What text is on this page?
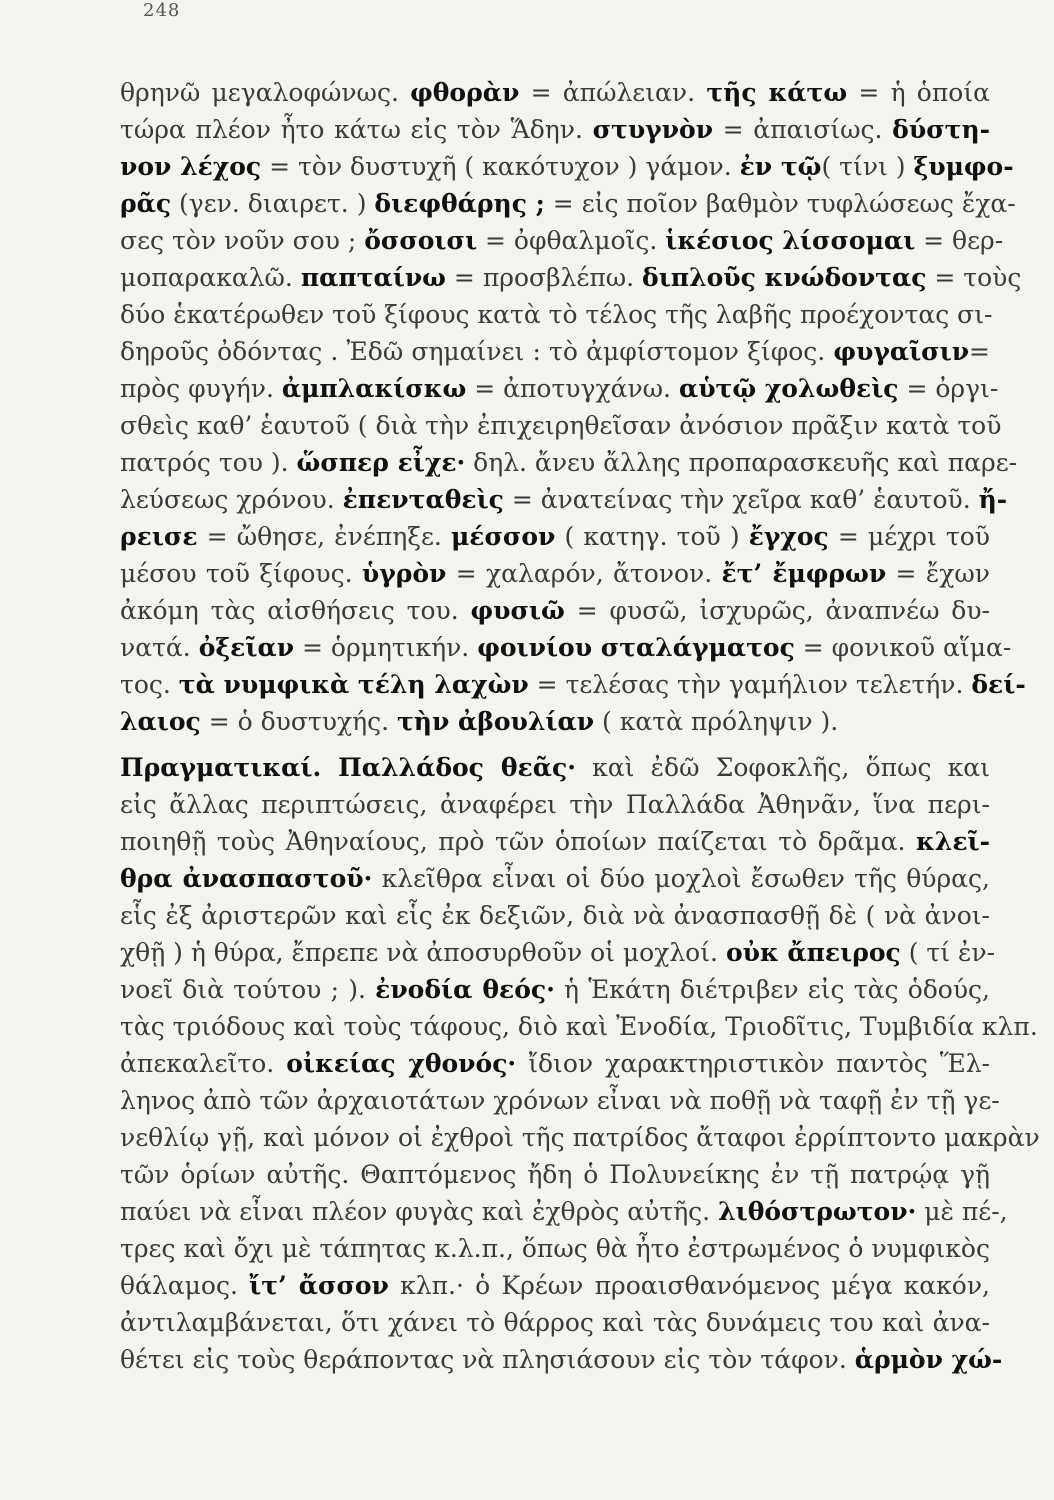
248
θρηνῶ μεγαλοφώνως. φθορὰν = ἀπώλειαν. τῆς κάτω = ἡ ὁποία
τώρα πλέον ἦτο κάτω εἰς τὸν Ἅδην. στυγνὸν = ἀπαισίως. δύστη-
νον λέχος = τὸν δυστυχῆ ( κακότυχον ) γάμον. ἐν τῷ( τίνι ) ξυμφο-
ρᾶς (γεν. διαιρετ. ) διεφθάρης ; = εἰς ποῖον βαθμὸν τυφλώσεως ἔχα-
σες τὸν νοῦν σου ; ὄσσοισι = ὀφθαλμοῖς. ἱκέσιος λίσσομαι = θερ-
μοπαρακαλῶ. παπταίνω = προσβλέπω. διπλοῦς κνώδοντας = τοὺς
δύο ἑκατέρωθεν τοῦ ξίφους κατὰ τὸ τέλος τῆς λαβῆς προέχοντας σι-
δηροῦς ὀδόντας . Ἐδῶ σημαίνει : τὸ ἀμφίστομον ξίφος. φυγαῖσιν=
πρὸς φυγήν. ἀμπλακίσκω = ἀποτυγχάνω. αὑτῷ χολωθεὶς = ὀργι-
σθεὶς καθ’ ἑαυτοῦ ( διὰ τὴν ἐπιχειρηθεῖσαν ἀνόσιον πρᾶξιν κατὰ τοῦ
πατρός του ). ὥσπερ εἶχε· δηλ. ἄνευ ἄλλης προπαρασκευῆς καὶ παρε-
λεύσεως χρόνου. ἐπενταθεὶς = ἀνατείνας τὴν χεῖρα καθ’ ἑαυτοῦ. ἤ-
ρεισε = ὤθησε, ἐνέπηξε. μέσσον ( κατηγ. τοῦ ) ἔγχος = μέχρι τοῦ
μέσου τοῦ ξίφους. ὑγρὸν = χαλαρόν, ἄτονον. ἔτ’ ἔμφρων = ἔχων
ἀκόμη τὰς αἰσθήσεις του. φυσιῶ = φυσῶ, ἰσχυρῶς, ἀναπνέω δυ-
νατά. ὀξεῖαν = ὁρμητικήν. φοινίου σταλάγματος = φονικοῦ αἵμα-
τος. τὰ νυμφικὰ τέλη λαχὼν = τελέσας τὴν γαμήλιον τελετήν. δεί-
λαιος = ὁ δυστυχής. τὴν ἀβουλίαν ( κατὰ πρόληψιν ).
Πραγματικαί. Παλλάδος θεᾶς· καὶ ἐδῶ Σοφοκλῆς, ὅπως και
εἰς ἄλλας περιπτώσεις, ἀναφέρει τὴν Παλλάδα Ἀθηνᾶν, ἵνα περι-
ποιηθῇ τοὺς Ἀθηναίους, πρὸ τῶν ὁποίων παίζεται τὸ δρᾶμα. κλεῖ-
θρα ἀνασπαστοῦ· κλεῖθρα εἶναι οἱ δύο μοχλοὶ ἔσωθεν τῆς θύρας,
εἷς ἐξ ἀριστερῶν καὶ εἷς ἐκ δεξιῶν, διὰ νὰ ἀνασπασθῇ δὲ ( νὰ ἀνοι-
χθῇ ) ἡ θύρα, ἔπρεπε νὰ ἀποσυρθοῦν οἱ μοχλοί. οὐκ ἄπειρος ( τί ἐν-
νοεῖ διὰ τούτου ; ). ἐνοδία θεός· ἡ Ἑκάτη διέτριβεν εἰς τὰς ὁδούς,
τὰς τριόδους καὶ τοὺς τάφους, διὸ καὶ Ἐνοδία, Τριοδῖτις, Τυμβιδία κλπ.
ἀπεκαλεῖτο. οἰκείας χθονός· ἴδιον χαρακτηριστικὸν παντὸς Ἕλ-
ληνος ἀπὸ τῶν ἀρχαιοτάτων χρόνων εἶναι νὰ ποθῇ νὰ ταφῇ ἐν τῇ γε-
νεθλίῳ γῇ, καὶ μόνον οἱ ἐχθροὶ τῆς πατρίδος ἄταφοι ἐρρίπτοντο μακρὰν
τῶν ὁρίων αὐτῆς. Θαπτόμενος ἤδη ὁ Πολυνείκης ἐν τῇ πατρῴᾳ γῇ
παύει νὰ εἶναι πλέον φυγὰς καὶ ἐχθρὸς αὐτῆς. λιθόστρωτον· μὲ πέ-,
τρες καὶ ὄχι μὲ τάπητας κ.λ.π., ὅπως θὰ ἦτο ἐστρωμένος ὁ νυμφικὸς
θάλαμος. ἴτ’ ἄσσον κλπ.· ὁ Κρέων προαισθανόμενος μέγα κακόν,
ἀντιλαμβάνεται, ὅτι χάνει τὸ θάρρος καὶ τὰς δυνάμεις του καὶ ἀνα-
θέτει εἰς τοὺς θεράποντας νὰ πλησιάσουν εἰς τὸν τάφον. ἁρμὸν χώ-
